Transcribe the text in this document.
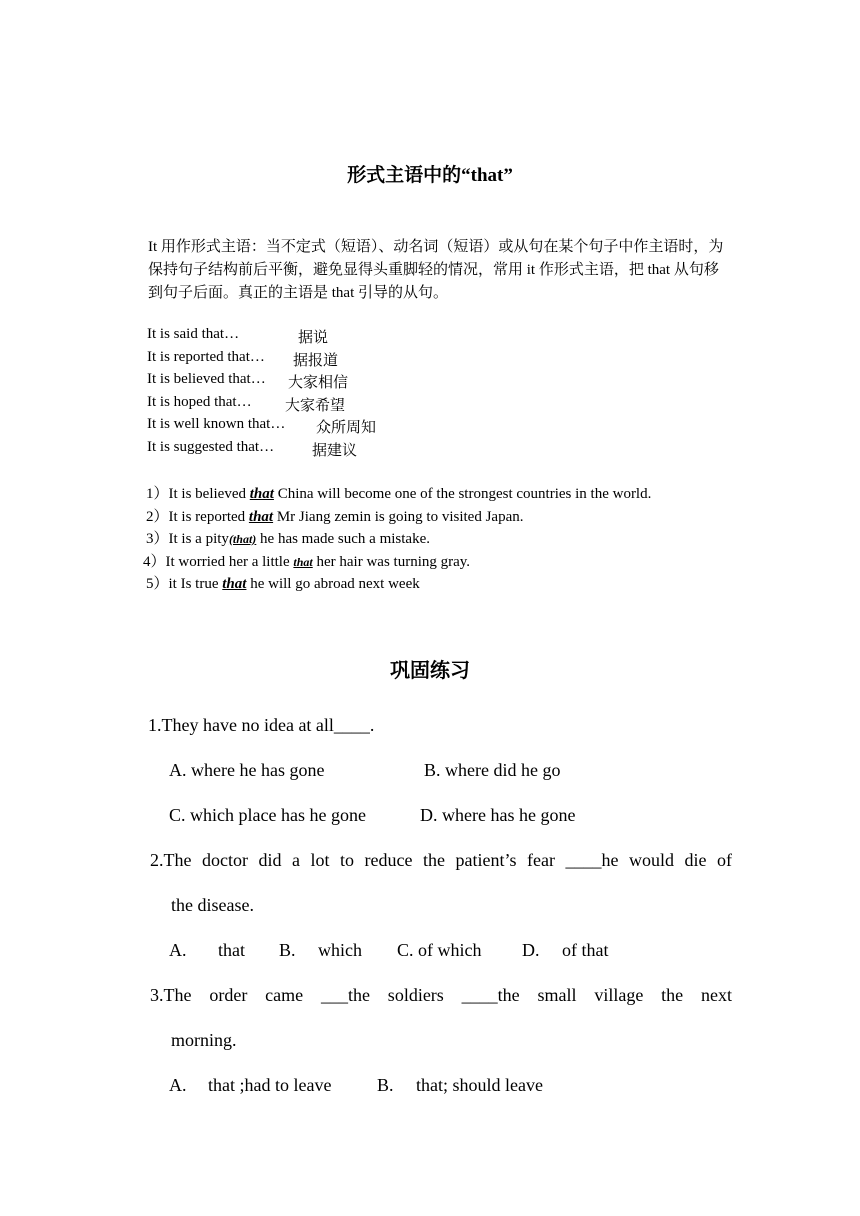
形式主语中的“that”
It 用作形式主语：当不定式（短语）、动名词（短语）或从句在某个句子中作主语时，为保持句子结构前后平衡，避免显得头重脚轻的情况，常用 it 作形式主语，把 that 从句移到句子后面。真正的主语是 that 引导的从句。
It is said that…	据说
It is reported that… 据报道
It is believed that… 大家相信
It is hoped that… 大家希望
It is well known that… 众所周知
It is suggested that…	据建议
1）It is believed that China will become one of the strongest countries in the world.
2）It is reported that Mr Jiang zemin is going to visited Japan.
3）It is a pity(that) he has made such a mistake.
4）It worried her a little that her hair was turning gray.
5）it Is true that he will go abroad next week
巩固练习
1.They have no idea at all____.
A. where he has gone	B. where did he go
C. which place has he gone	D. where has he gone
2.The doctor did a lot to reduce the patient’s fear ____he would die of
the disease.
A. that B. which C. of which D. of that
3.The order came ___the soldiers ____the small village the next
morning.
A. that ;had to leave	B. that; should leave
